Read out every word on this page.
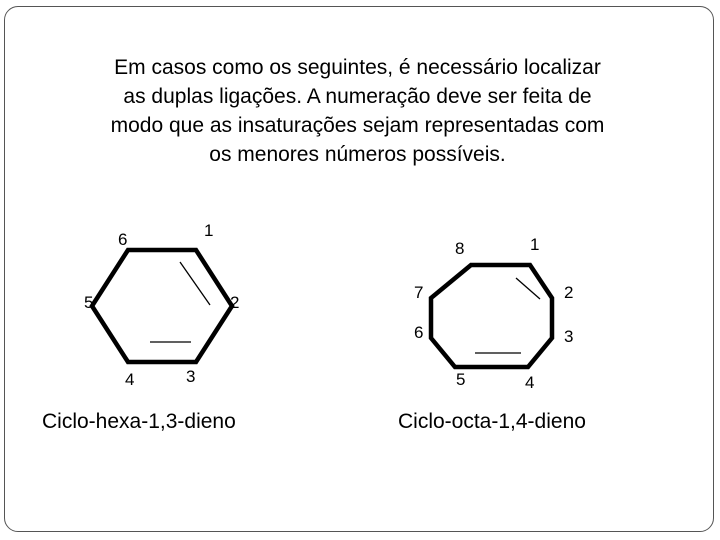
Em casos como os seguintes, é necessário localizar
as duplas ligações. A numeração deve ser feita de
modo que as insaturações sejam representadas com
os menores números possíveis.
1
2
3
4
5
6
Ciclo-hexa-1,3-dieno
1
2
3
4
5
6
7
8
Ciclo-octa-1,4-dieno
